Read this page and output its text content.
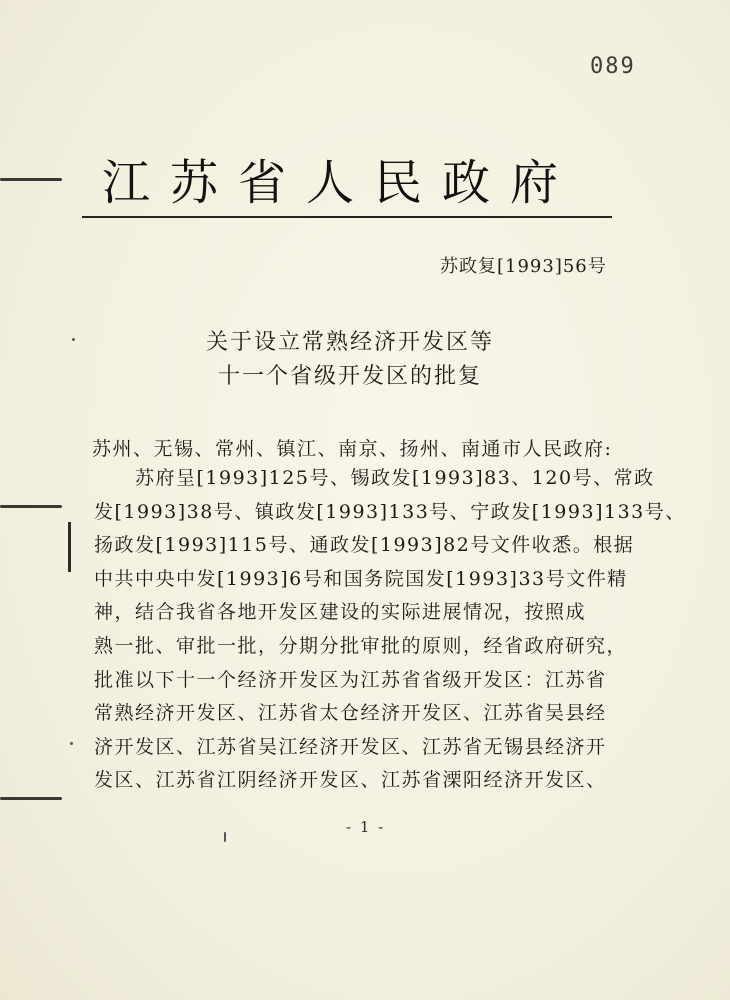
089
江苏省人民政府
苏政复[1993]56号
关于设立常熟经济开发区等
十一个省级开发区的批复
苏州、无锡、常州、镇江、南京、扬州、南通市人民政府:
　　苏府呈[1993]125号、锡政发[1993]83、120号、常政
发[1993]38号、镇政发[1993]133号、宁政发[1993]133号、
扬政发[1993]115号、通政发[1993]82号文件收悉。根据
中共中央中发[1993]6号和国务院国发[1993]33号文件精
神，结合我省各地开发区建设的实际进展情况，按照成
熟一批、审批一批，分期分批审批的原则，经省政府研究，
批准以下十一个经济开发区为江苏省省级开发区：江苏省
常熟经济开发区、江苏省太仓经济开发区、江苏省吴县经
济开发区、江苏省吴江经济开发区、江苏省无锡县经济开
发区、江苏省江阴经济开发区、江苏省溧阳经济开发区、
- 1 -
